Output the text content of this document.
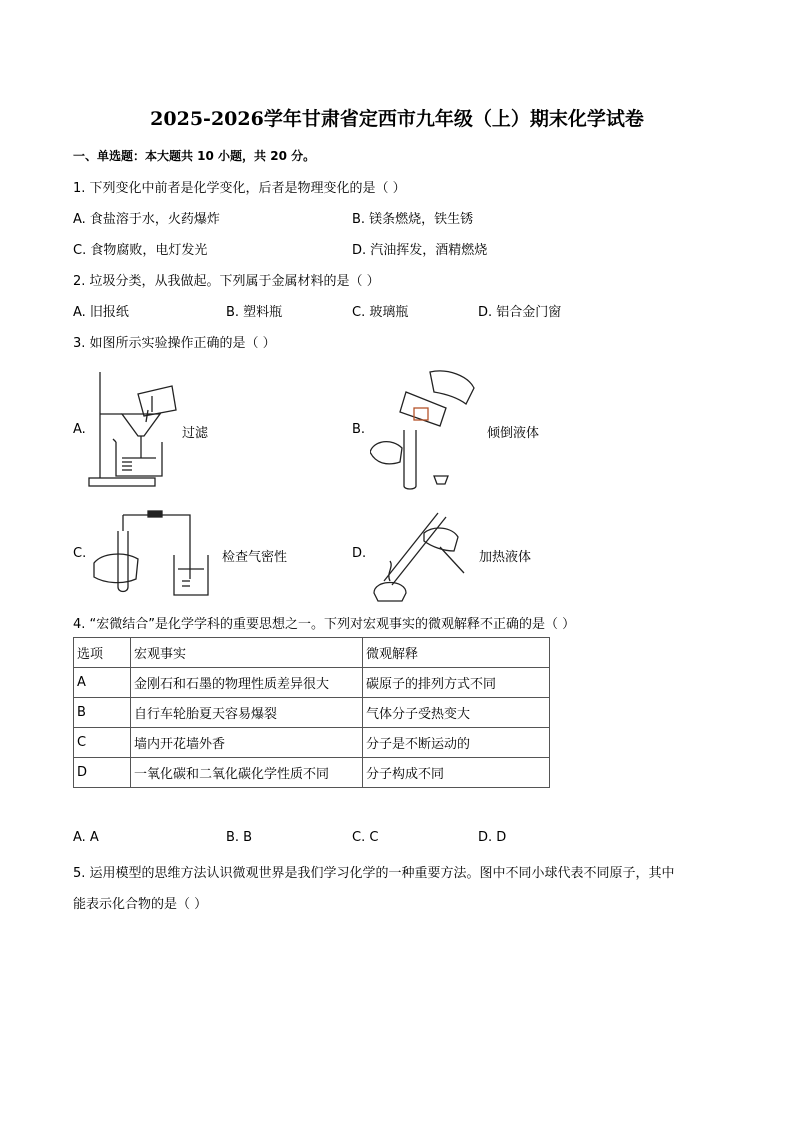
2025-2026学年甘肃省定西市九年级（上）期末化学试卷
一、单选题：本大题共 10 小题，共 20 分。
1. 下列变化中前者是化学变化，后者是物理变化的是（ ）
A. 食盐溶于水，火药爆炸	B. 镁条燃烧，铁生锈
C. 食物腐败，电灯发光	D. 汽油挥发，酒精燃烧
2. 垃圾分类，从我做起。下列属于金属材料的是（ ）
A. 旧报纸	B. 塑料瓶	C. 玻璃瓶	D. 铝合金门窗
3. 如图所示实验操作正确的是（ ）
A.	过滤	B.	倾倒液体
C.	检查气密性	D.	加热液体
4. “宏微结合”是化学学科的重要思想之一。下列对宏观事实的微观解释不正确的是（ ）
选项	宏观事实	微观解释
A	金刚石和石墨的物理性质差异很大	碳原子的排列方式不同
B	自行车轮胎夏天容易爆裂	气体分子受热变大
C	墙内开花墙外香	分子是不断运动的
D	一氧化碳和二氧化碳化学性质不同	分子构成不同
A. A	B. B	C. C	D. D
5. 运用模型的思维方法认识微观世界是我们学习化学的一种重要方法。图中不同小球代表不同原子，其中
能表示化合物的是（ ）
